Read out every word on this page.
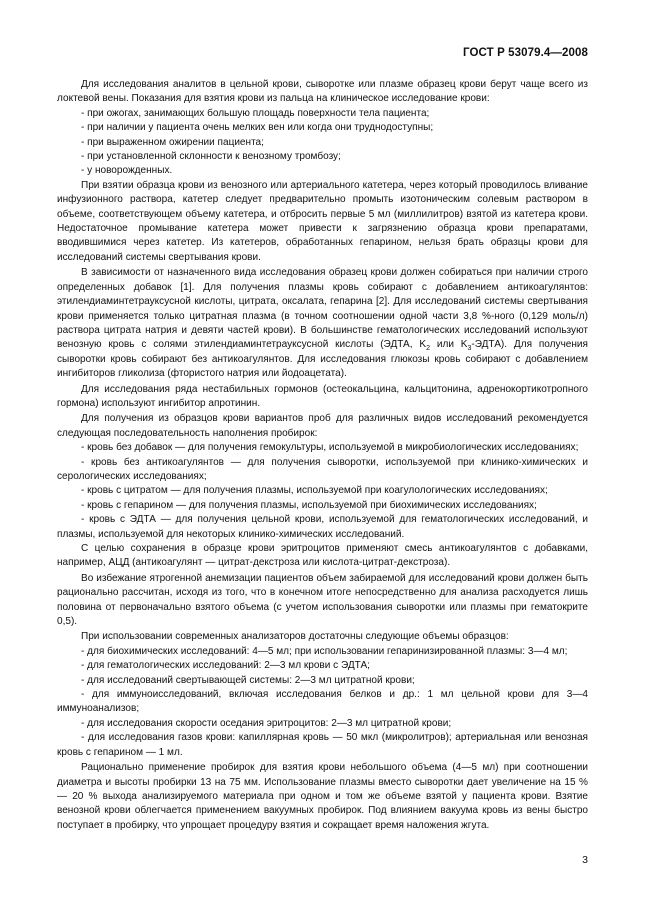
ГОСТ Р 53079.4—2008

Для исследования аналитов в цельной крови, сыворотке или плазме образец крови берут чаще всего из локтевой вены. Показания для взятия крови из пальца на клиническое исследование крови:

- при ожогах, занимающих большую площадь поверхности тела пациента;

- при наличии у пациента очень мелких вен или когда они труднодоступны;

- при выраженном ожирении пациента;

- при установленной склонности к венозному тромбозу;

- у новорожденных.

При взятии образца крови из венозного или артериального катетера, через который проводилось вливание инфузионного раствора, катетер следует предварительно промыть изотоническим солевым раствором в объеме, соответствующем объему катетера, и отбросить первые 5 мл (миллилитров) взятой из катетера крови. Недостаточное промывание катетера может привести к загрязнению образца крови препаратами, вводившимися через катетер. Из катетеров, обработанных гепарином, нельзя брать образцы крови для исследований системы свертывания крови.

В зависимости от назначенного вида исследования образец крови должен собираться при наличии строго определенных добавок [1]. Для получения плазмы кровь собирают с добавлением антикоагулянтов: этилендиаминтетрауксусной кислоты, цитрата, оксалата, гепарина [2]. Для исследований системы свертывания крови применяется только цитратная плазма (в точном соотношении одной части 3,8 %-ного (0,129 моль/л) раствора цитрата натрия и девяти частей крови). В большинстве гематологических исследований используют венозную кровь с солями этилендиаминтетрауксусной кислоты (ЭДТА, $K_2$ или $K_3-ЭДТА$). Для получения сыворотки кровь собирают без антикоагулянтов. Для исследования глюкозы кровь собирают с добавлением ингибиторов гликолиза (фтористого натрия или йодоацетата).

Для исследования ряда нестабильных гормонов (остеокальцина, кальцитонина, адренокортикотропного гормона) используют ингибитор апротинин.

Для получения из образцов крови вариантов проб для различных видов исследований рекомендуется следующая последовательность наполнения пробирок:

- кровь без добавок — для получения гемокультуры, используемой в микробиологических исследованиях;

- кровь без антикоагулянтов — для получения сыворотки, используемой при клинико-химических и серологических исследованиях;

- кровь с цитратом — для получения плазмы, используемой при коагулологических исследованиях;

- кровь с гепарином — для получения плазмы, используемой при биохимических исследованиях;

- кровь с ЭДТА — для получения цельной крови, используемой для гематологических исследований, и плазмы, используемой для некоторых клинико-химических исследований.

С целью сохранения в образце крови эритроцитов применяют смесь антикоагулянтов с добавками, например, АЦД (антикоагулянт — цитрат-декстроза или кислота-цитрат-декстроза).

Во избежание ятрогенной анемизации пациентов объем забираемой для исследований крови должен быть рационально рассчитан, исходя из того, что в конечном итоге непосредственно для анализа расходуется лишь половина от первоначально взятого объема (с учетом использования сыворотки или плазмы при гематокрите 0,5).

При использовании современных анализаторов достаточны следующие объемы образцов:

- для биохимических исследований: 4—5 мл; при использовании гепаринизированной плазмы: 3—4 мл;

- для гематологических исследований: 2—3 мл крови с ЭДТА;

- для исследований свертывающей системы: 2—3 мл цитратной крови;

- для иммуноисследований, включая исследования белков и др.: 1 мл цельной крови для 3—4 иммуноанализов;

- для исследования скорости оседания эритроцитов: 2—3 мл цитратной крови;

- для исследования газов крови: капиллярная кровь — 50 мкл (микролитров); артериальная или венозная кровь с гепарином — 1 мл.

Рационально применение пробирок для взятия крови небольшого объема (4—5 мл) при соотношении диаметра и высоты пробирки 13 на 75 мм. Использование плазмы вместо сыворотки дает увеличение на 15 % — 20 % выхода анализируемого материала при одном и том же объеме взятой у пациента крови. Взятие венозной крови облегчается применением вакуумных пробирок. Под влиянием вакуума кровь из вены быстро поступает в пробирку, что упрощает процедуру взятия и сокращает время наложения жгута.

3
